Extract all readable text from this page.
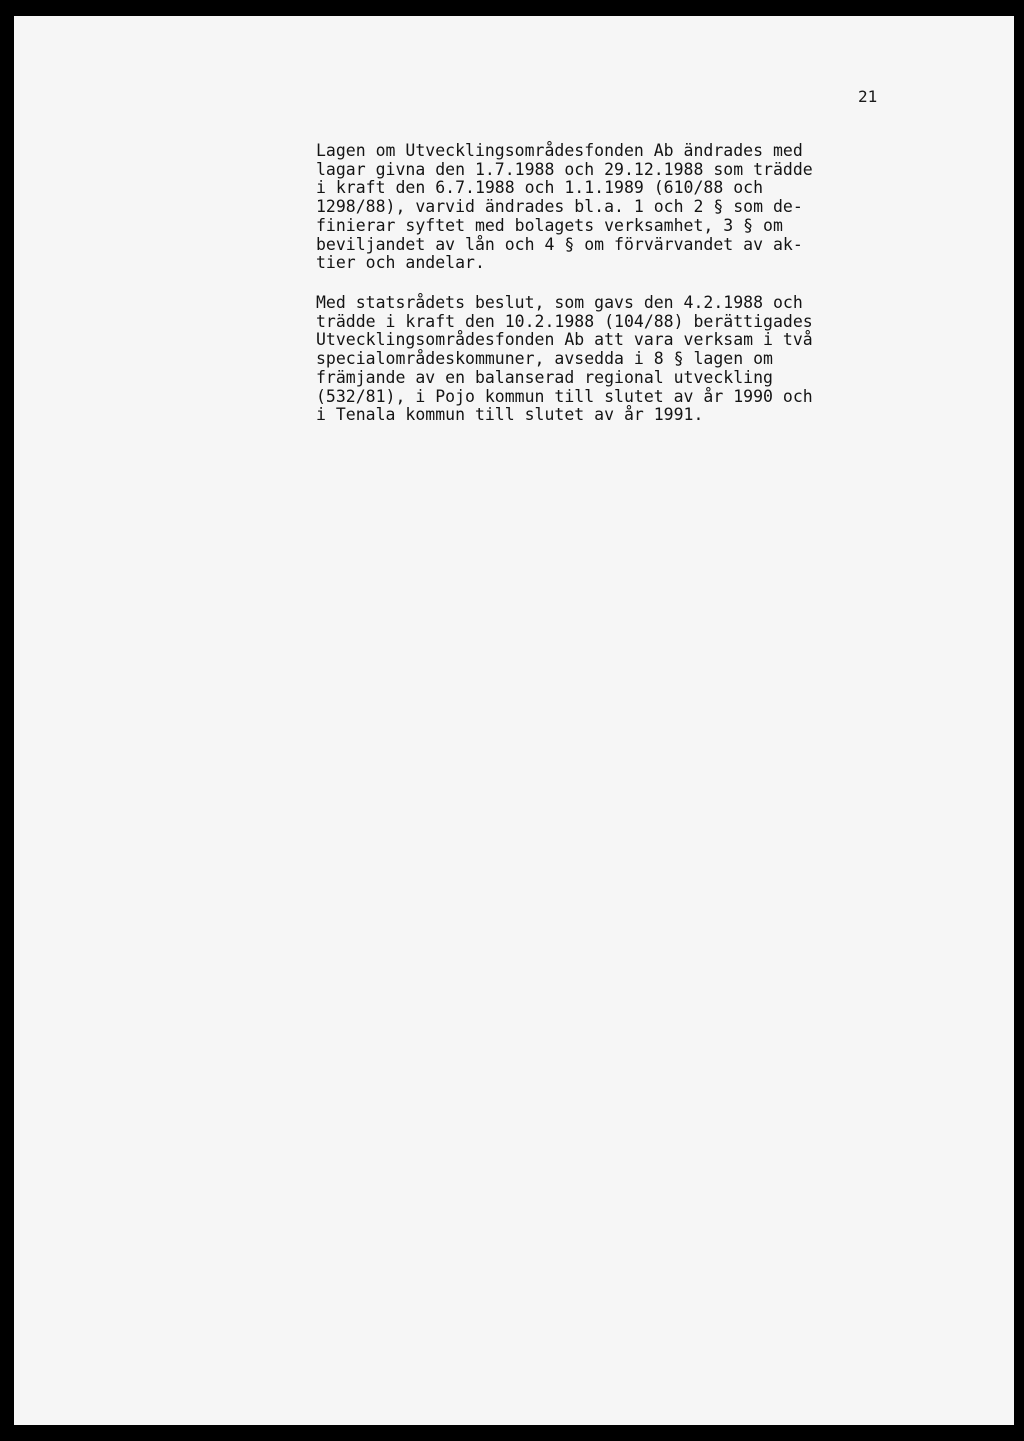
21
Lagen om Utvecklingsområdesfonden Ab ändrades med
lagar givna den 1.7.1988 och 29.12.1988 som trädde
i kraft den 6.7.1988 och 1.1.1989 (610/88 och
1298/88), varvid ändrades bl.a. 1 och 2 § som de-
finierar syftet med bolagets verksamhet, 3 § om
beviljandet av lån och 4 § om förvärvandet av ak-
tier och andelar.
Med statsrådets beslut, som gavs den 4.2.1988 och
trädde i kraft den 10.2.1988 (104/88) berättigades
Utvecklingsområdesfonden Ab att vara verksam i två
specialområdeskommuner, avsedda i 8 § lagen om
främjande av en balanserad regional utveckling
(532/81), i Pojo kommun till slutet av år 1990 och
i Tenala kommun till slutet av år 1991.
